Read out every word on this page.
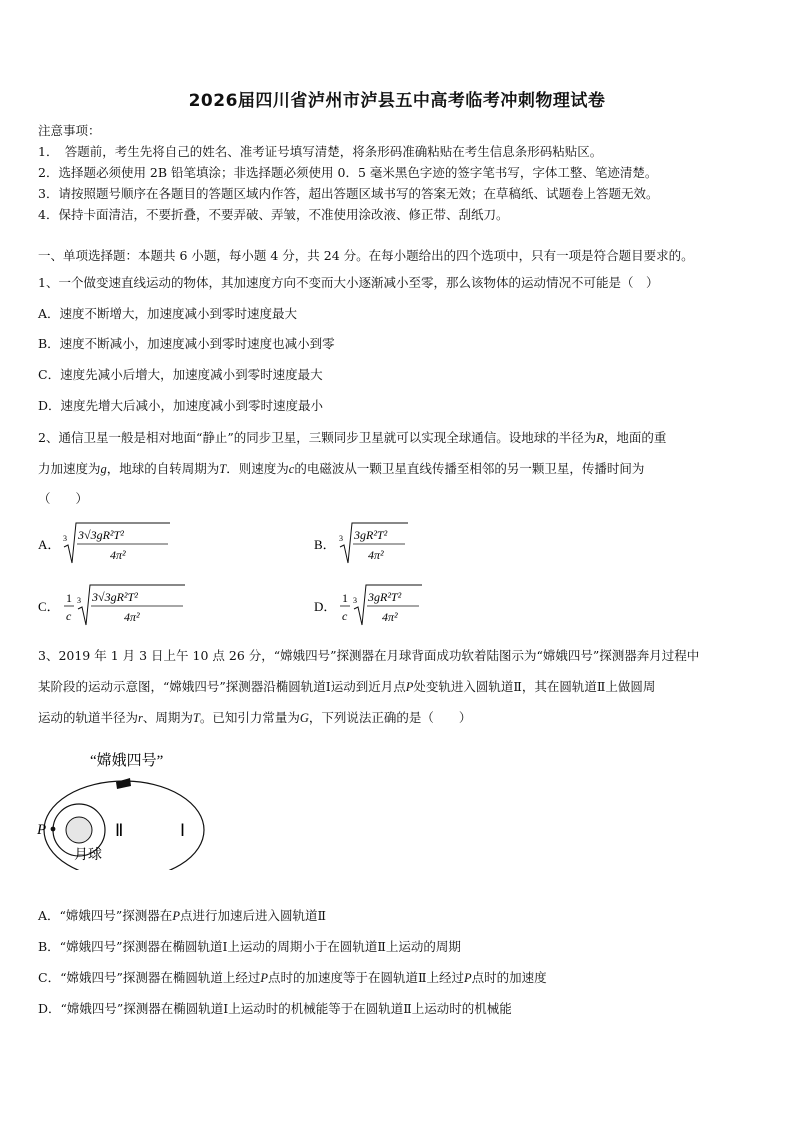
2026届四川省泸州市泸县五中高考临考冲刺物理试卷
注意事项：
1．　答题前，考生先将自己的姓名、准考证号填写清楚，将条形码准确粘贴在考生信息条形码粘贴区。
2．选择题必须使用 2B 铅笔填涂；非选择题必须使用 0．5 毫米黑色字迹的签字笔书写，字体工整、笔迹清楚。
3．请按照题号顺序在各题目的答题区域内作答，超出答题区域书写的答案无效；在草稿纸、试题卷上答题无效。
4．保持卡面清洁，不要折叠，不要弄破、弄皱，不准使用涂改液、修正带、刮纸刀。
一、单项选择题：本题共 6 小题，每小题 4 分，共 24 分。在每小题给出的四个选项中，只有一项是符合题目要求的。
1、一个做变速直线运动的物体，其加速度方向不变而大小逐渐减小至零，那么该物体的运动情况不可能是（　）
A．速度不断增大，加速度减小到零时速度最大
B．速度不断减小，加速度减小到零时速度也减小到零
C．速度先减小后增大，加速度减小到零时速度最大
D．速度先增大后减小，加速度减小到零时速度最小
2、通信卫星一般是相对地面“静止”的同步卫星，三颗同步卫星就可以实现全球通信。设地球的半径为R，地面的重
力加速度为g，地球的自转周期为T．则速度为c的电磁波从一颗卫星直线传播至相邻的另一颗卫星，传播时间为
（　　）
A． 3 3√3gR²T²
4π²
B． 3 3gR²T²
4π²
C．
1
c
3 3√3gR²T²
4π²
D．
1
c
3 3gR²T²
4π²
3、2019 年 1 月 3 日上午 10 点 26 分，“嫦娥四号”探测器在月球背面成功软着陆图示为“嫦娥四号”探测器奔月过程中
某阶段的运动示意图，“嫦娥四号”探测器沿椭圆轨道Ⅰ运动到近月点P处变轨进入圆轨道Ⅱ，其在圆轨道Ⅱ上做圆周
运动的轨道半径为r、周期为T。已知引力常量为G，下列说法正确的是（　　）
“嫦娥四号”
P	Ⅱ	Ⅰ
月球
A．“嫦娥四号”探测器在P点进行加速后进入圆轨道Ⅱ
B．“嫦娥四号”探测器在椭圆轨道Ⅰ上运动的周期小于在圆轨道Ⅱ上运动的周期
C．“嫦娥四号”探测器在椭圆轨道上经过P点时的加速度等于在圆轨道Ⅱ上经过P点时的加速度
D．“嫦娥四号”探测器在椭圆轨道Ⅰ上运动时的机械能等于在圆轨道Ⅱ上运动时的机械能
